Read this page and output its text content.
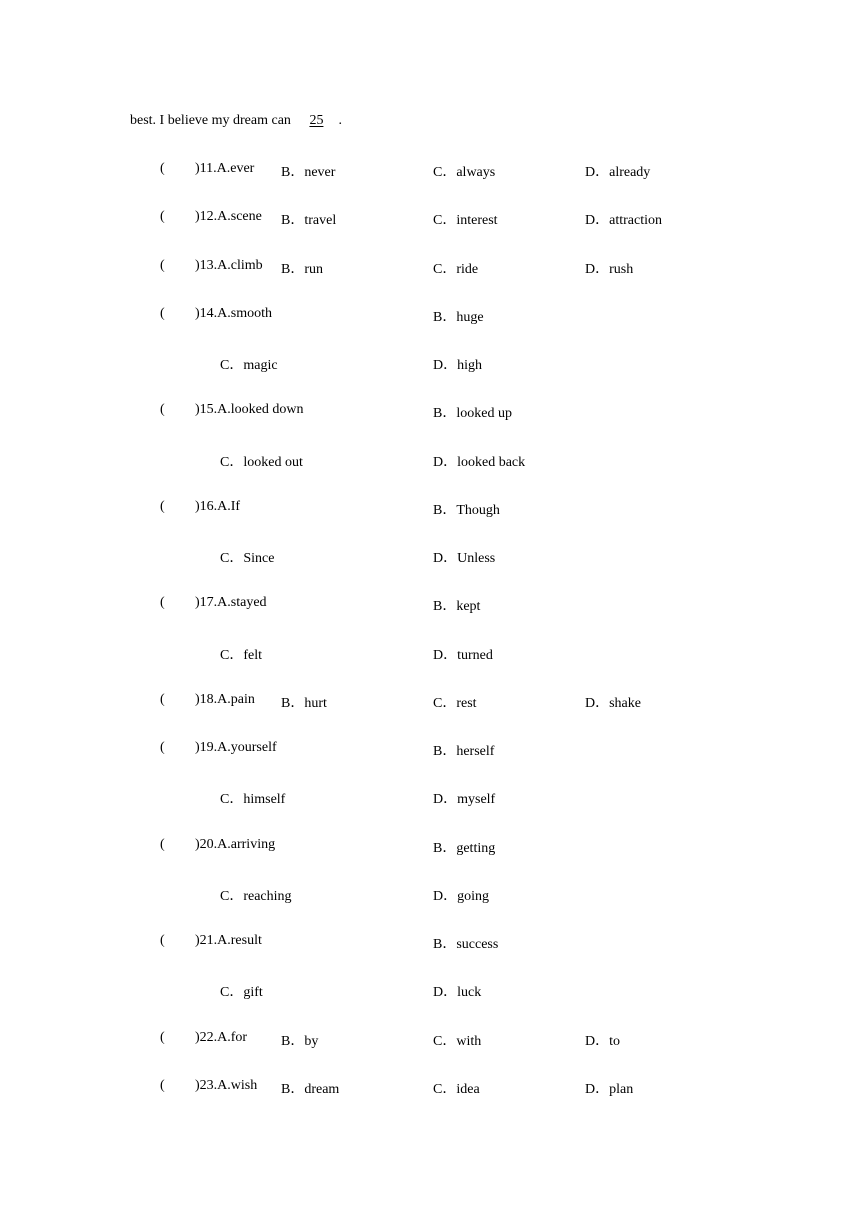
best. I believe my dream can 25 .
( )11.A.ever B．never	C．always	D．already
( )12.A.scene B．travel	C．interest	D．attraction
( )13.A.climb B．run	C．ride	D．rush
( )14.A.smooth	B．huge
C．magic	D．high
( )15.A.looked down	B．looked up
C．looked out	D．looked back
( )16.A.If	B．Though
C．Since	D．Unless
( )17.A.stayed	B．kept
C．felt	D．turned
( )18.A.pain B．hurt	C．rest	D．shake
( )19.A.yourself	B．herself
C．himself	D．myself
( )20.A.arriving	B．getting
C．reaching	D．going
( )21.A.result	B．success
C．gift	D．luck
( )22.A.for B．by	C．with	D．to
( )23.A.wish B．dream	C．idea	D．plan
